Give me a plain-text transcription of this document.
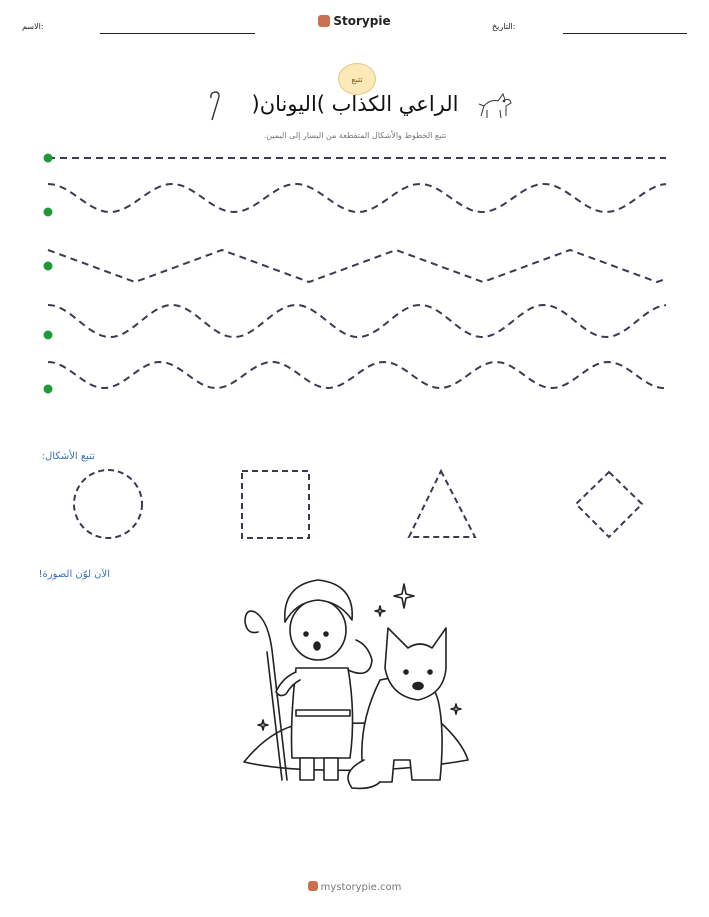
الاسم:	Storypie	التاريخ:
تتبع
الراعي الكذاب )اليونان(
تتبع الخطوط والأشكال المتقطعة من اليسار إلى اليمين.
تتبع الأشكال:
الآن لوّن الصورة!
mystorypie.com
